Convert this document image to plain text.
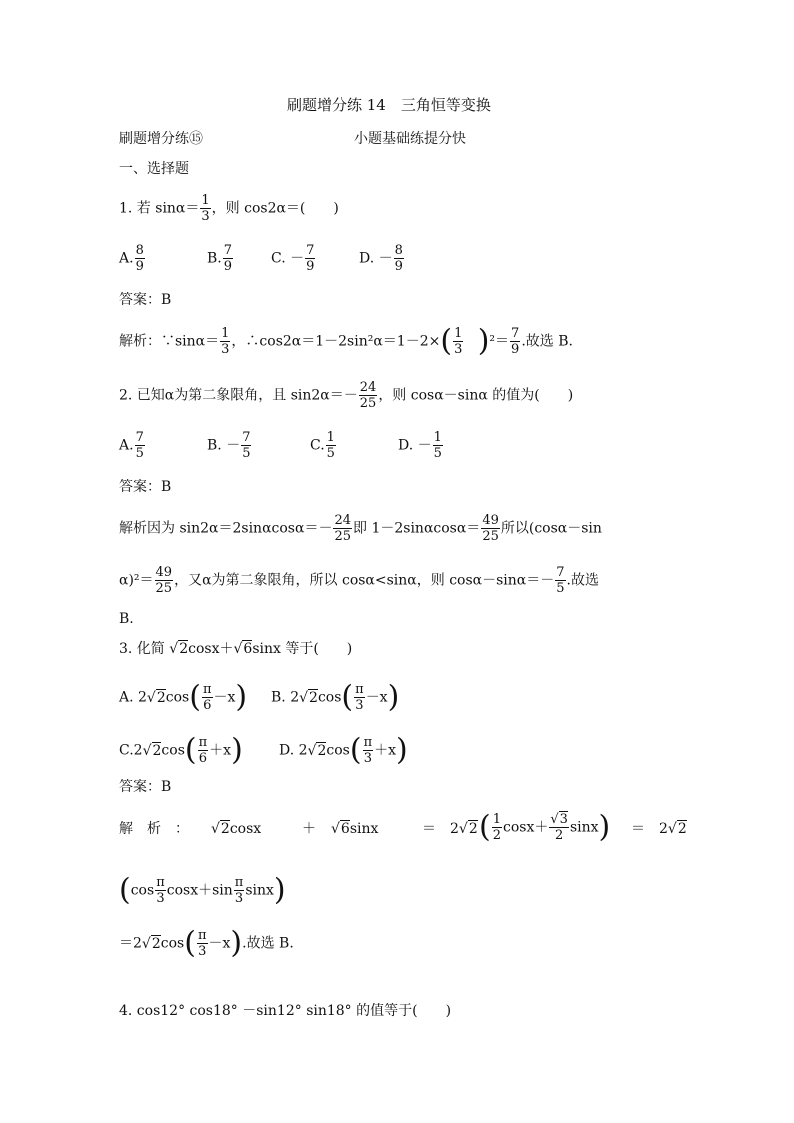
刷题增分练 14　三角恒等变换
刷题增分练⑮	小题基础练提分快
一、选择题
1. 若 $\sin\alpha= \frac{1}{3}$ ，则 cos2α＝(　　)
A. $\frac{8}{9}$	B. $\frac{7}{9}$	C. － $\frac{7}{9}$	D. － $\frac{8}{9}$
答案：B
解析：∵sinα＝ $\frac{1}{3}$ ，∴cos2α＝1－2sin²α＝1－2×( $\frac{1}{3} )^2= \frac{7}{9}$ .故选 B.
2. 已知α为第二象限角，且 $\sin 2\alpha=- \frac{24}{25}$ ，则 cosα－sinα 的值为(　　)
A. $\frac{7}{5}$	B. － $\frac{7}{5}$	C. $\frac{1}{5}$	D. － $\frac{1}{5}$
答案：B
解析因为 $\sin 2\alpha=2\sin\alpha\cos\alpha=- \frac{24}{25}$ 即 $1-2\sin\alpha\cos\alpha= \frac{49}{25}$ 所以(cosα－sin
$\alpha)^2= \frac{49}{25}$ ，又α为第二象限角，所以 cosα<sinα，则 $\cos\alpha-\sin\alpha=- \frac{7}{5}$ .故选
B.
3. 化简 √2cosx＋√6sinx 等于(　　)
A. $2√2\cos( \frac{\pi}{6} -x)$ B. $2√2\cos( \frac{\pi}{3} -x)$
$C.2√2\cos( \frac{\pi}{6} +x)$	D. $2√2\cos( \frac{\pi}{3} +x)$
答案：B
解　析　： √2cosx	＋ √6sinx	＝　2√2 ( $\frac{1}{2} \cos x+ \frac{√3}{2} \sin x$) ＝　2√2
$(\cos \frac{\pi}{3} \cos x+\sin \frac{\pi}{3} \sin x)$
$=2√2\cos( \frac{\pi}{3} -x)$.故选 B.
4. cos12° cos18° －sin12° sin18° 的值等于(　　)
